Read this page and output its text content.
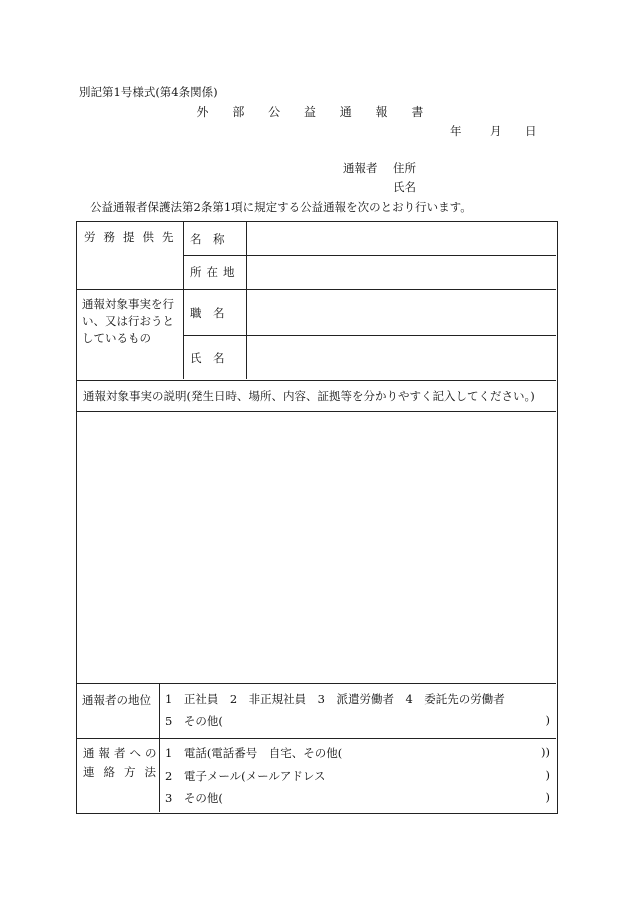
別記第1号様式(第4条関係)
外 部 公 益 通 報 書
年 月 日
通報者 住所
氏名
公益通報者保護法第2条第1項に規定する公益通報を次のとおり行います。
労務提供先 名　称
所在地
通報対象事実を行
い、又は行おうと
しているもの
職　名
氏　名
通報対象事実の説明(発生日時、場所、内容、証拠等を分かりやすく記入してください。)
通報者の地位 1　正社員　2　非正規社員　3　派遣労働者　4　委託先の労働者
5　その他(	)
通報者への
連絡方法
1　電話(電話番号　自宅、その他(	))
2　電子メール(メールアドレス	)
3　その他(	)
